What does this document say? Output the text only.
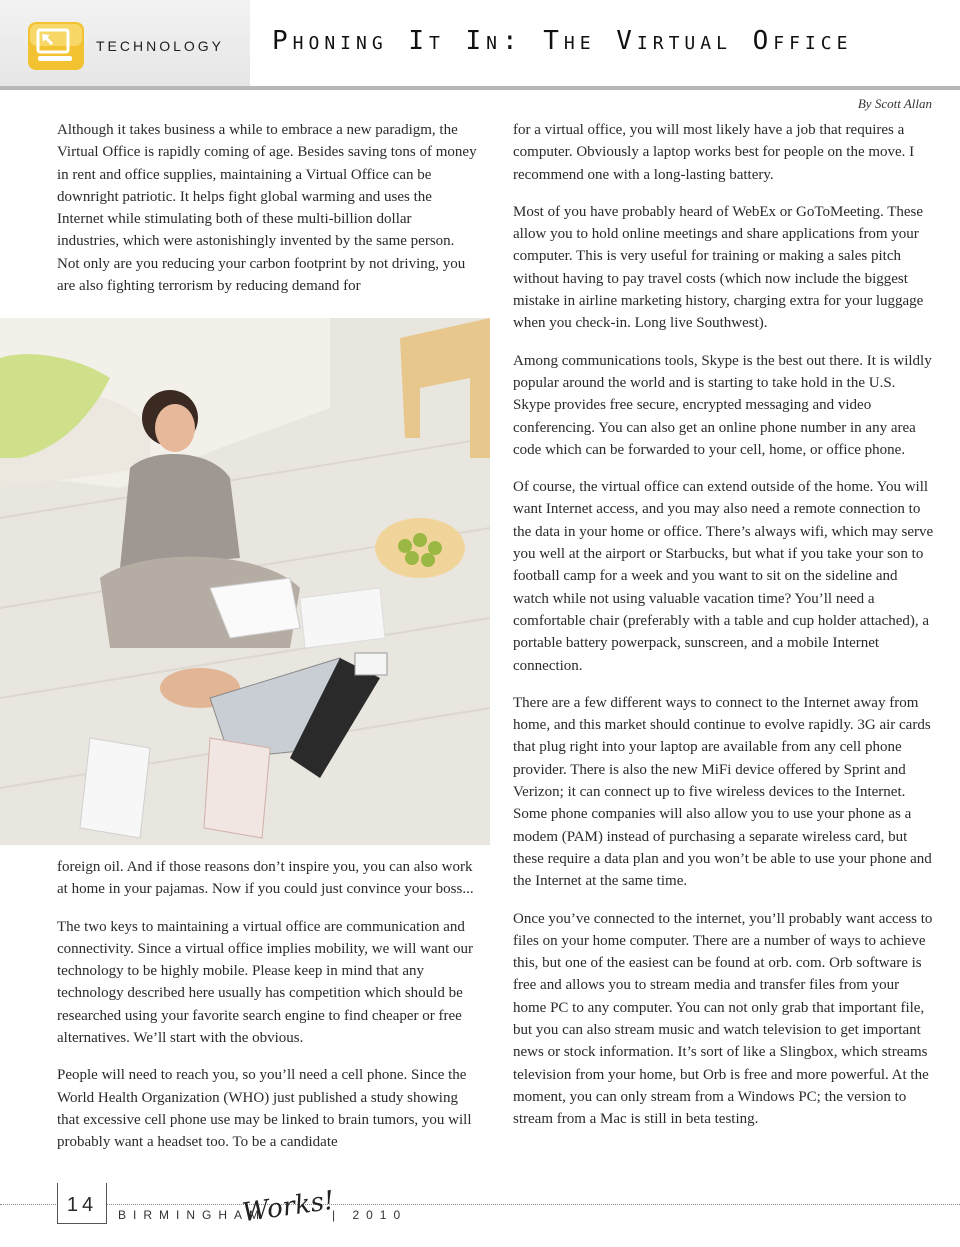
TECHNOLOGY Phoning It In: The Virtual Office
By Scott Allan

Although it takes business a while to embrace a new paradigm, the Virtual Office is rapidly coming of age. Besides saving tons of money in rent and office supplies, maintaining a Virtual Office can be downright patriotic. It helps fight global warming and uses the Internet while stimulating both of these multi-billion dollar industries, which were astonishingly invented by the same person. Not only are you reducing your carbon footprint by not driving, you are also fighting terrorism by reducing demand for

foreign oil. And if those reasons don’t inspire you, you can also work at home in your pajamas. Now if you could just convince your boss...

The two keys to maintaining a virtual office are communication and connectivity. Since a virtual office implies mobility, we will want our technology to be highly mobile. Please keep in mind that any technology described here usually has competition which should be researched using your favorite search engine to find cheaper or free alternatives. We’ll start with the obvious.

People will need to reach you, so you’ll need a cell phone. Since the World Health Organization (WHO) just published a study showing that excessive cell phone use may be linked to brain tumors, you will probably want a headset too. To be a candidate

for a virtual office, you will most likely have a job that requires a computer. Obviously a laptop works best for people on the move. I recommend one with a long-lasting battery.

Most of you have probably heard of WebEx or GoToMeeting. These allow you to hold online meetings and share applications from your computer. This is very useful for training or making a sales pitch without having to pay travel costs (which now include the biggest mistake in airline marketing history, charging extra for your luggage when you check-in. Long live Southwest).

Among communications tools, Skype is the best out there. It is wildly popular around the world and is starting to take hold in the U.S. Skype provides free secure, encrypted messaging and video conferencing. You can also get an online phone number in any area code which can be forwarded to your cell, home, or office phone.

Of course, the virtual office can extend outside of the home. You will want Internet access, and you may also need a remote connection to the data in your home or office. There’s always wifi, which may serve you well at the airport or Starbucks, but what if you take your son to football camp for a week and you want to sit on the sideline and watch while not using valuable vacation time? You’ll need a comfortable chair (preferably with a table and cup holder attached), a portable battery powerpack, sunscreen, and a mobile Internet connection.

There are a few different ways to connect to the Internet away from home, and this market should continue to evolve rapidly. 3G air cards that plug right into your laptop are available from any cell phone provider. There is also the new MiFi device offered by Sprint and Verizon; it can connect up to five wireless devices to the Internet. Some phone companies will also allow you to use your phone as a modem (PAM) instead of purchasing a separate wireless card, but these require a data plan and you won’t be able to use your phone and the Internet at the same time.

Once you’ve connected to the internet, you’ll probably want access to files on your home computer. There are a number of ways to achieve this, but one of the easiest can be found at orb. com. Orb software is free and allows you to stream media and transfer files from your home PC to any computer. You can not only grab that important file, but you can also stream music and watch television to get important news or stock information. It’s sort of like a Slingbox, which streams television from your home, but Orb is free and more powerful. At the moment, you can only stream from a Windows PC; the version to stream from a Mac is still in beta testing.

14	BIRMINGHAM
Works!
| 2010
